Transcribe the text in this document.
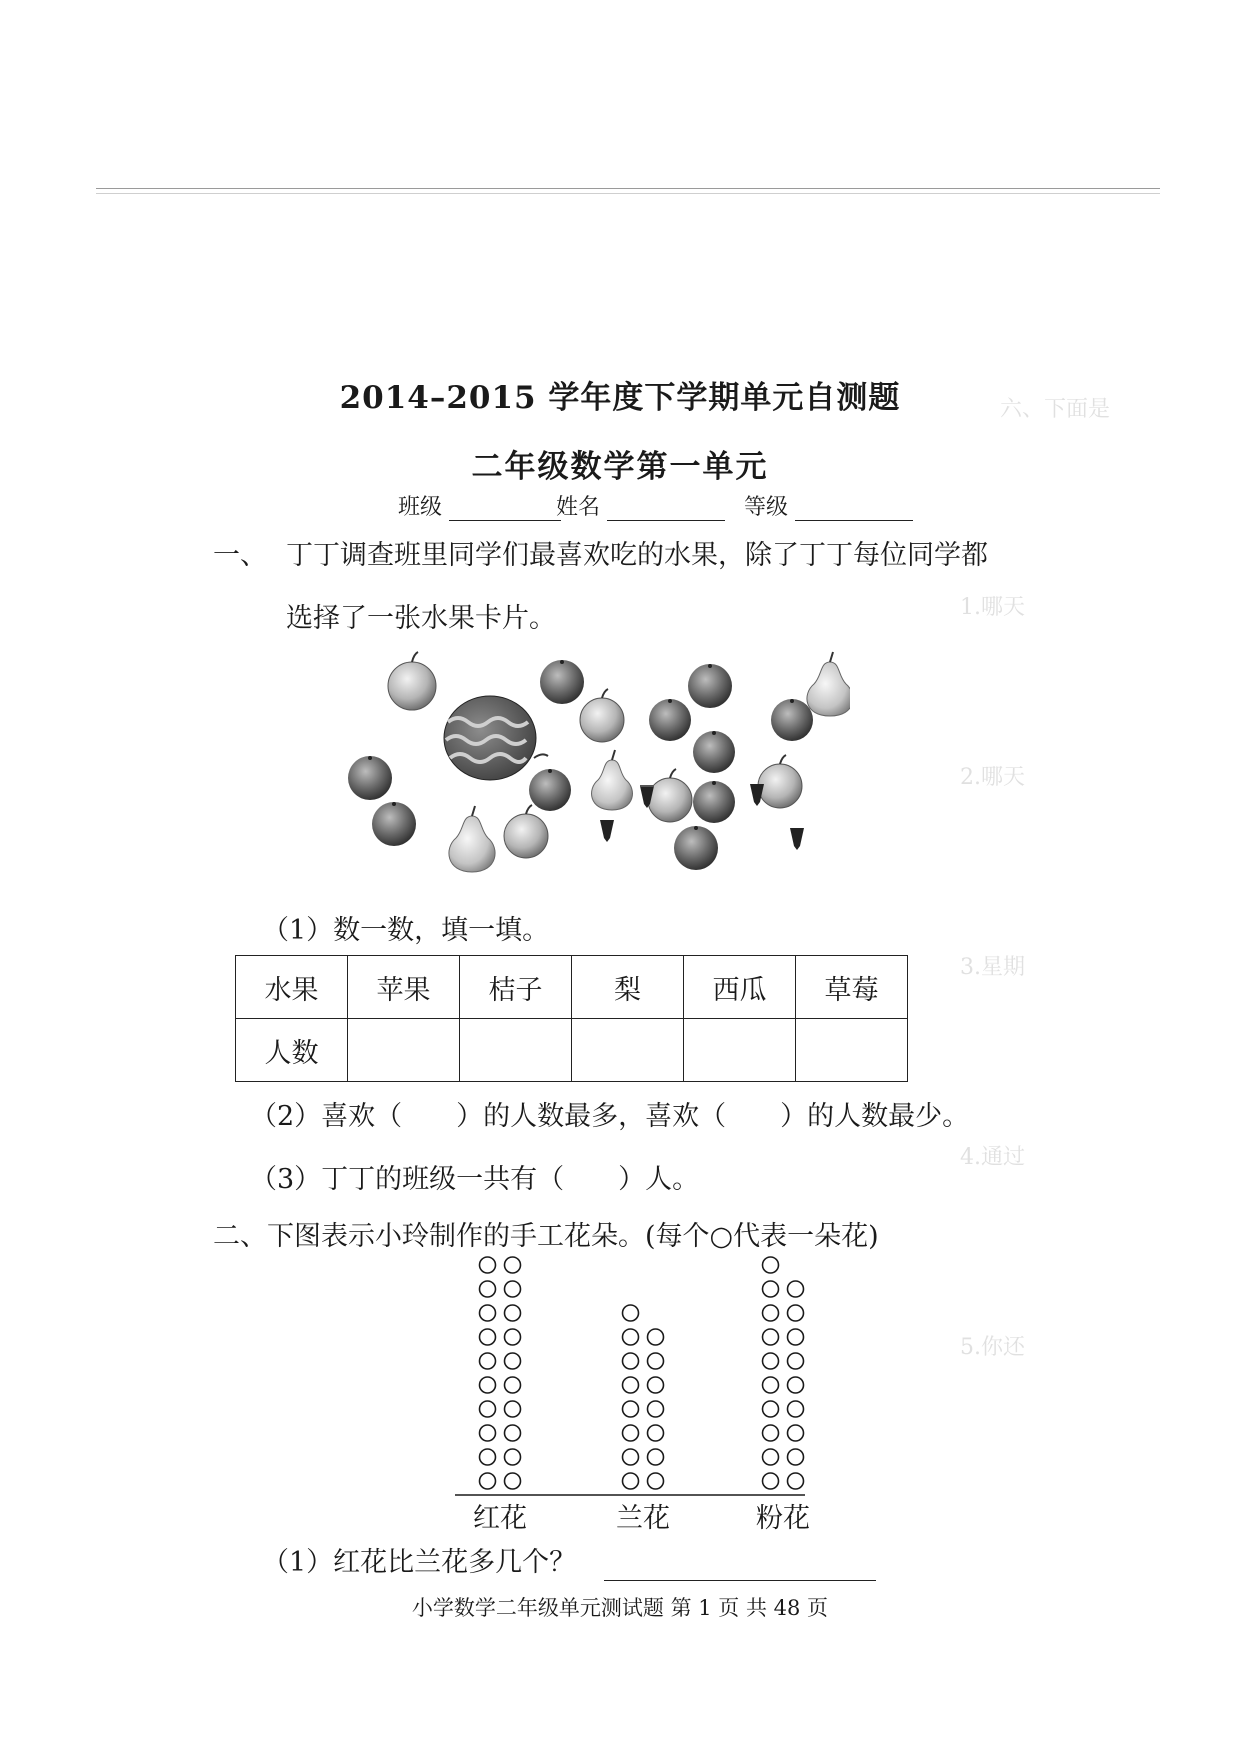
六、下面是
1.哪天
2.哪天
3.星期
4.通过
5.你还
2014–2015 学年度下学期单元自测题
二年级数学第一单元
班级	姓名	等级
一、 丁丁调查班里同学们最喜欢吃的水果，除了丁丁每位同学都
选择了一张水果卡片。
（1）数一数，填一填。
水果	苹果	桔子	梨	西瓜	草莓
人数					
（2）喜欢（　　）的人数最多，喜欢（　　）的人数最少。
（3）丁丁的班级一共有（　　）人。
二、下图表示小玲制作的手工花朵。(每个○代表一朵花)
红花	兰花	粉花
（1）红花比兰花多几个？
小学数学二年级单元测试题 第 1 页 共 48 页
